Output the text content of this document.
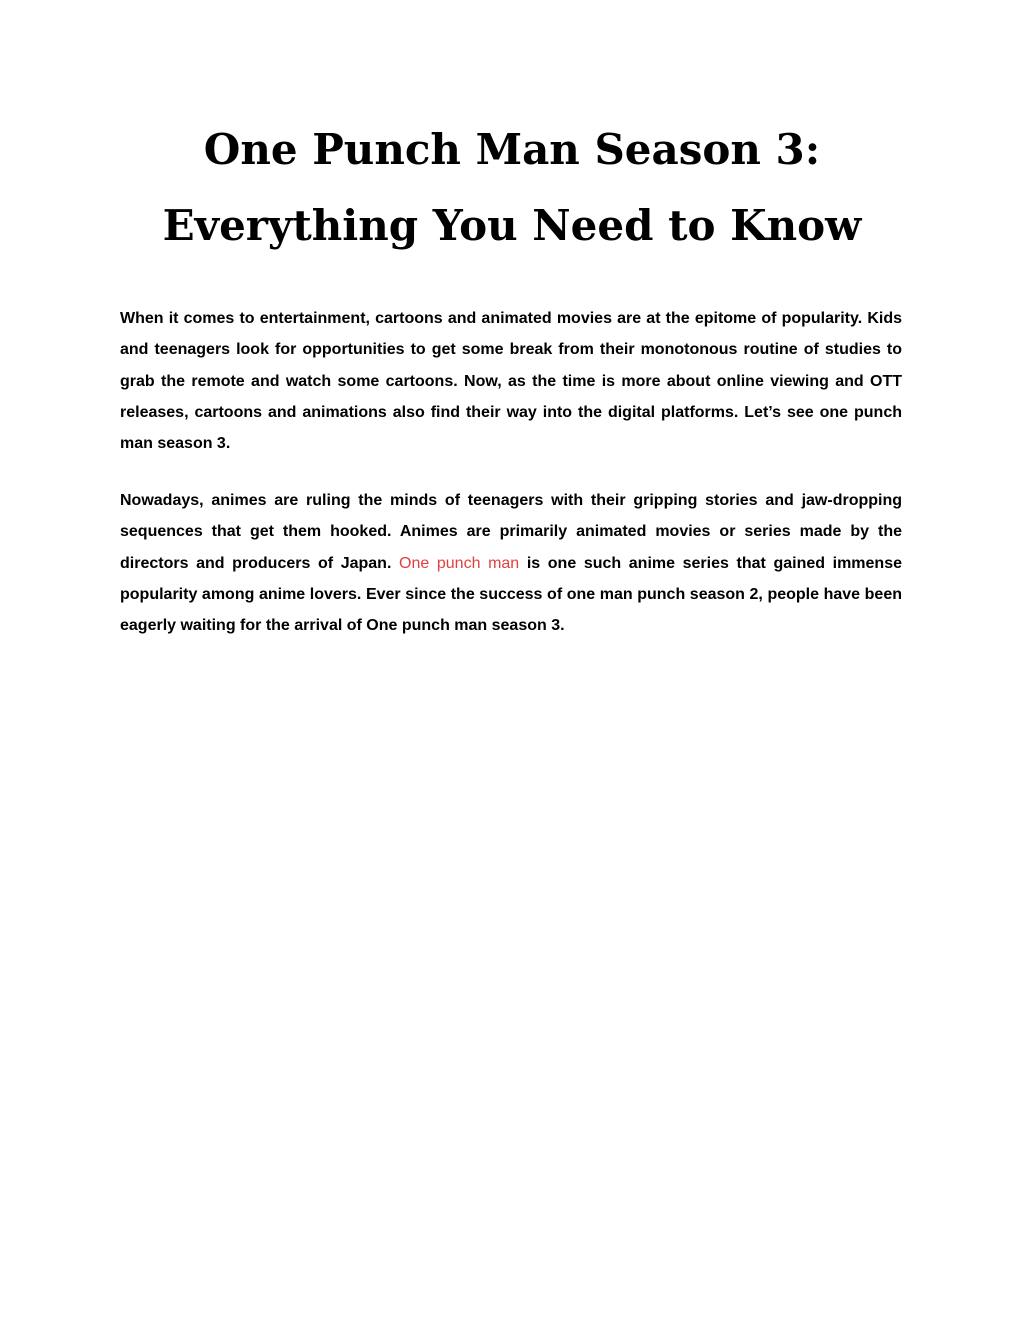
One Punch Man Season 3:
Everything You Need to Know

When it comes to entertainment, cartoons and animated movies are at the epitome of popularity. Kids and teenagers look for opportunities to get some break from their monotonous routine of studies to grab the remote and watch some cartoons. Now, as the time is more about online viewing and OTT releases, cartoons and animations also find their way into the digital platforms. Let’s see one punch man season 3.

Nowadays, animes are ruling the minds of teenagers with their gripping stories and jaw-dropping sequences that get them hooked. Animes are primarily animated movies or series made by the directors and producers of Japan. One punch man is one such anime series that gained immense popularity among anime lovers. Ever since the success of one man punch season 2, people have been eagerly waiting for the arrival of One punch man season 3.
